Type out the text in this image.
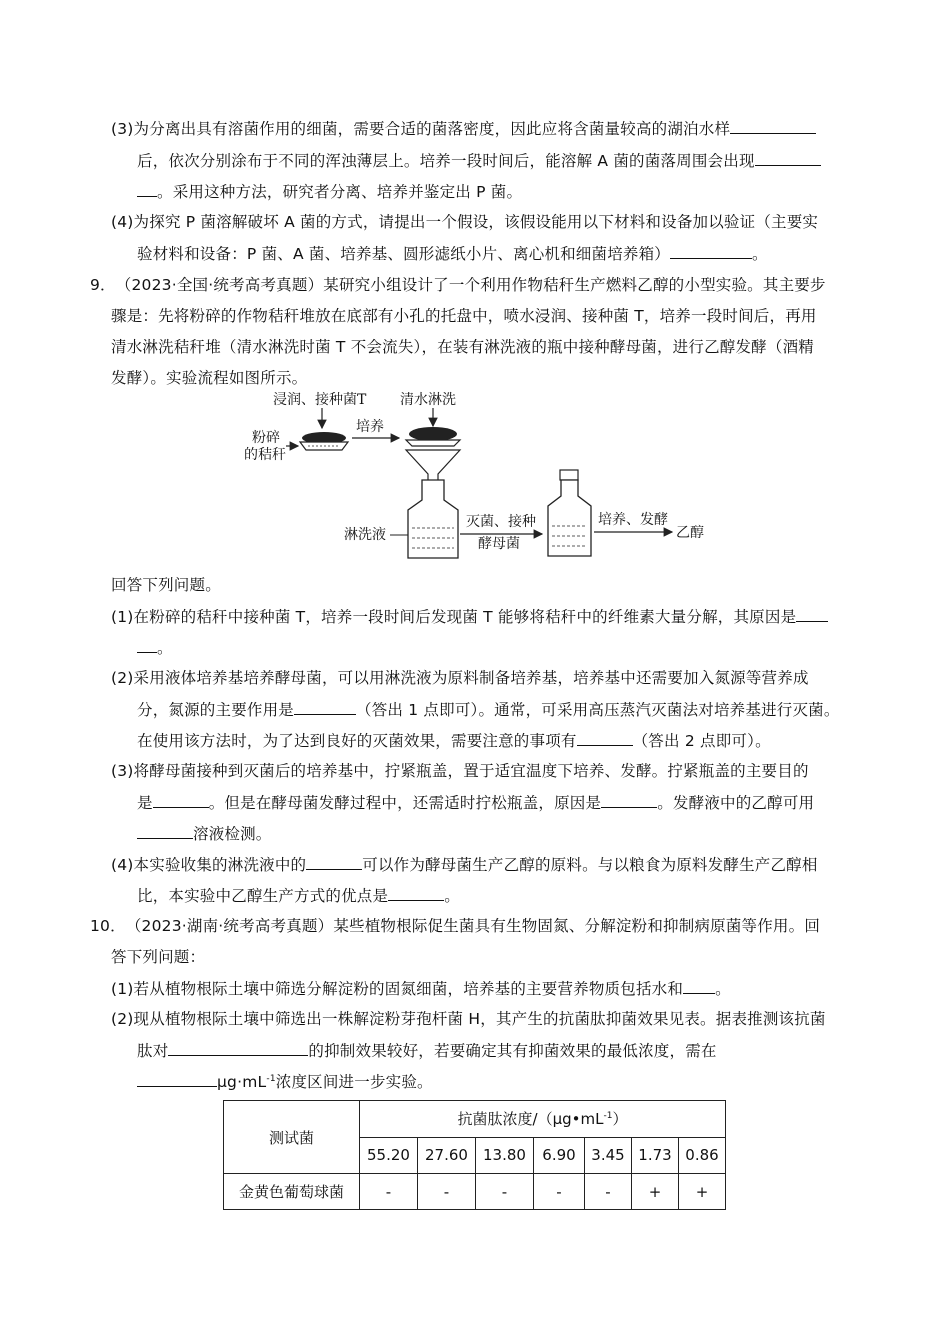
(3)为分离出具有溶菌作用的细菌，需要合适的菌落密度，因此应将含菌量较高的湖泊水样
后，依次分别涂布于不同的浑浊薄层上。培养一段时间后，能溶解 A 菌的菌落周围会出现
。采用这种方法，研究者分离、培养并鉴定出 P 菌。
(4)为探究 P 菌溶解破坏 A 菌的方式，请提出一个假设，该假设能用以下材料和设备加以验证（主要实
验材料和设备：P 菌、A 菌、培养基、圆形滤纸小片、离心机和细菌培养箱）	。
9．（2023·全国·统考高考真题）某研究小组设计了一个利用作物秸秆生产燃料乙醇的小型实验。其主要步
骤是：先将粉碎的作物秸秆堆放在底部有小孔的托盘中，喷水浸润、接种菌 T，培养一段时间后，再用
清水淋洗秸秆堆（清水淋洗时菌 T 不会流失），在装有淋洗液的瓶中接种酵母菌，进行乙醇发酵（酒精
发酵）。实验流程如图所示。
浸润、接种菌T 清水淋洗
粉碎
的秸秆
培养
淋洗液
灭菌、接种
酵母菌
培养、发酵
乙醇
回答下列问题。
(1)在粉碎的秸秆中接种菌 T，培养一段时间后发现菌 T 能够将秸秆中的纤维素大量分解，其原因是
。
(2)采用液体培养基培养酵母菌，可以用淋洗液为原料制备培养基，培养基中还需要加入氮源等营养成
分，氮源的主要作用是	（答出 1 点即可）。通常，可采用高压蒸汽灭菌法对培养基进行灭菌。
在使用该方法时，为了达到良好的灭菌效果，需要注意的事项有	（答出 2 点即可）。
(3)将酵母菌接种到灭菌后的培养基中，拧紧瓶盖，置于适宜温度下培养、发酵。拧紧瓶盖的主要目的
是	。但是在酵母菌发酵过程中，还需适时拧松瓶盖，原因是	。发酵液中的乙醇可用
溶液检测。
(4)本实验收集的淋洗液中的	可以作为酵母菌生产乙醇的原料。与以粮食为原料发酵生产乙醇相
比，本实验中乙醇生产方式的优点是	。
10．（2023·湖南·统考高考真题）某些植物根际促生菌具有生物固氮、分解淀粉和抑制病原菌等作用。回
答下列问题：
(1)若从植物根际土壤中筛选分解淀粉的固氮细菌，培养基的主要营养物质包括水和 。
(2)现从植物根际土壤中筛选出一株解淀粉芽孢杆菌 H，其产生的抗菌肽抑菌效果见表。据表推测该抗菌
肽对	的抑制效果较好，若要确定其有抑菌效果的最低浓度，需在
$\mu g\cdot mL^{-1}$浓度区间进一步实验。
测试菌	抗菌肽浓度$/(\mu g•mL^{-1})$						
	55.20	27.60	13.80	6.90	3.45	1.73	0.86
金黄色葡萄球菌	-	-	-	-	-	+	+
